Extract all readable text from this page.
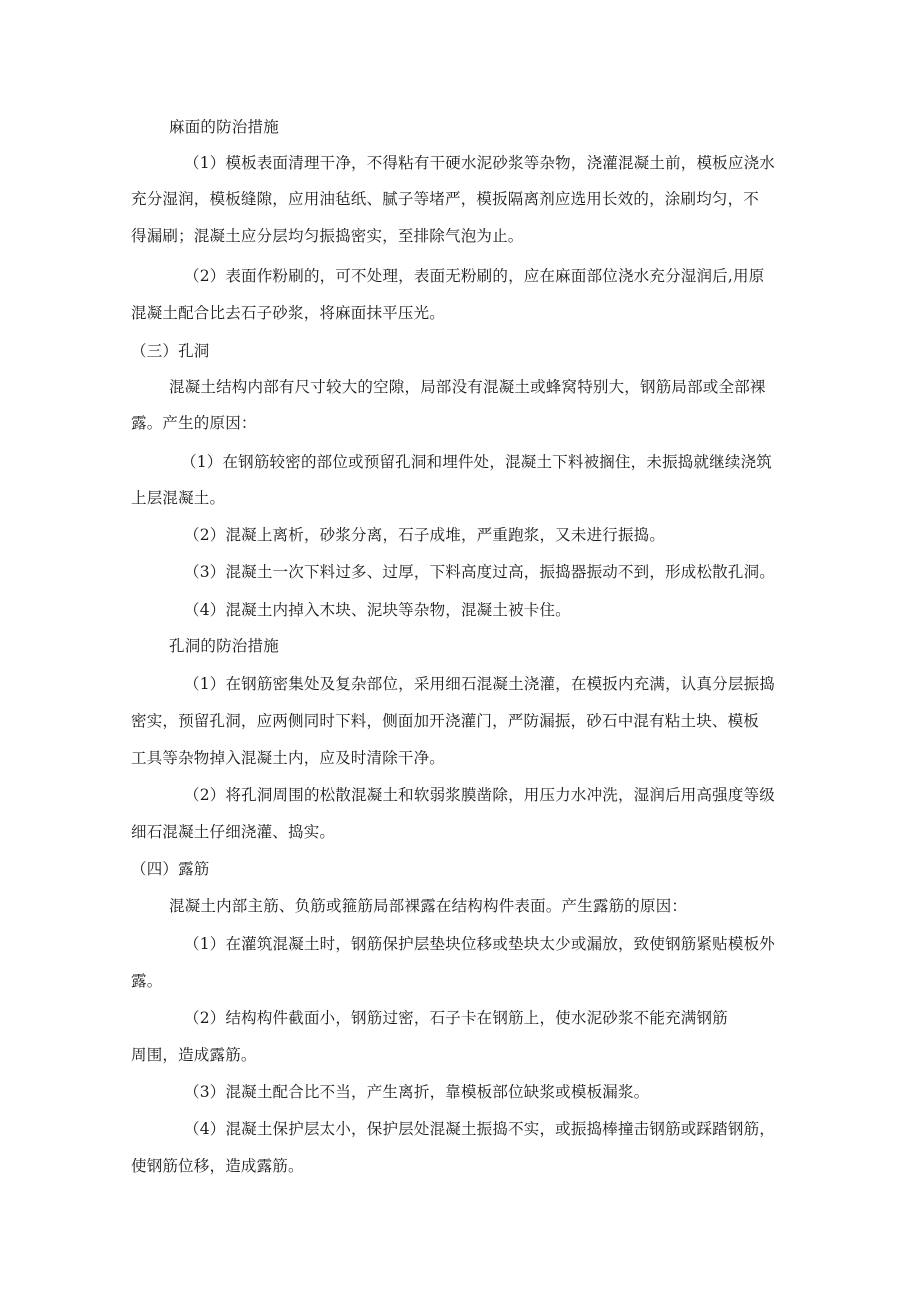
麻面的防治措施
（1）模板表面清理干净，不得粘有干硬水泥砂浆等杂物，浇灌混凝土前，模板应浇水
充分湿润，模板缝隙，应用油毡纸、腻子等堵严，模扳隔离剂应选用长效的，涂刷均匀，不
得漏刷；混凝土应分层均匀振捣密实，至排除气泡为止。
（2）表面作粉刷的，可不处理，表面无粉刷的，应在麻面部位浇水充分湿润后,用原
混凝土配合比去石子砂浆，将麻面抹平压光。
（三）孔洞
混凝土结构内部有尺寸较大的空隙，局部没有混凝土或蜂窝特别大，钢筋局部或全部裸
露。产生的原因：
（1）在钢筋较密的部位或预留孔洞和埋件处，混凝土下料被搁住，未振捣就继续浇筑
上层混凝土。
（2）混凝上离析，砂浆分离，石子成堆，严重跑浆，又未进行振捣。
（3）混凝土一次下料过多、过厚，下料高度过高，振捣器振动不到，形成松散孔洞。
（4）混凝土内掉入木块、泥块等杂物，混凝土被卡住。
孔洞的防治措施
（1）在钢筋密集处及复杂部位，采用细石混凝土浇灌，在模扳内充满，认真分层振捣
密实，预留孔洞，应两侧同时下料，侧面加开浇灌门，严防漏振，砂石中混有粘土块、模板
工具等杂物掉入混凝土内，应及时清除干净。
（2）将孔洞周围的松散混凝土和软弱浆膜凿除，用压力水冲洗，湿润后用高强度等级
细石混凝土仔细浇灌、捣实。
（四）露筋
混凝土内部主筋、负筋或箍筋局部裸露在结构构件表面。产生露筋的原因：
（1）在灌筑混凝土时，钢筋保护层垫块位移或垫块太少或漏放，致使钢筋紧贴模板外
露。
（2）结构构件截面小，钢筋过密，石子卡在钢筋上，使水泥砂浆不能充满钢筋
周围，造成露筋。
（3）混凝土配合比不当，产生离折，靠模板部位缺浆或模板漏浆。
（4）混凝土保护层太小，保护层处混凝土振捣不实，或振捣棒撞击钢筋或踩踏钢筋，
使钢筋位移，造成露筋。
